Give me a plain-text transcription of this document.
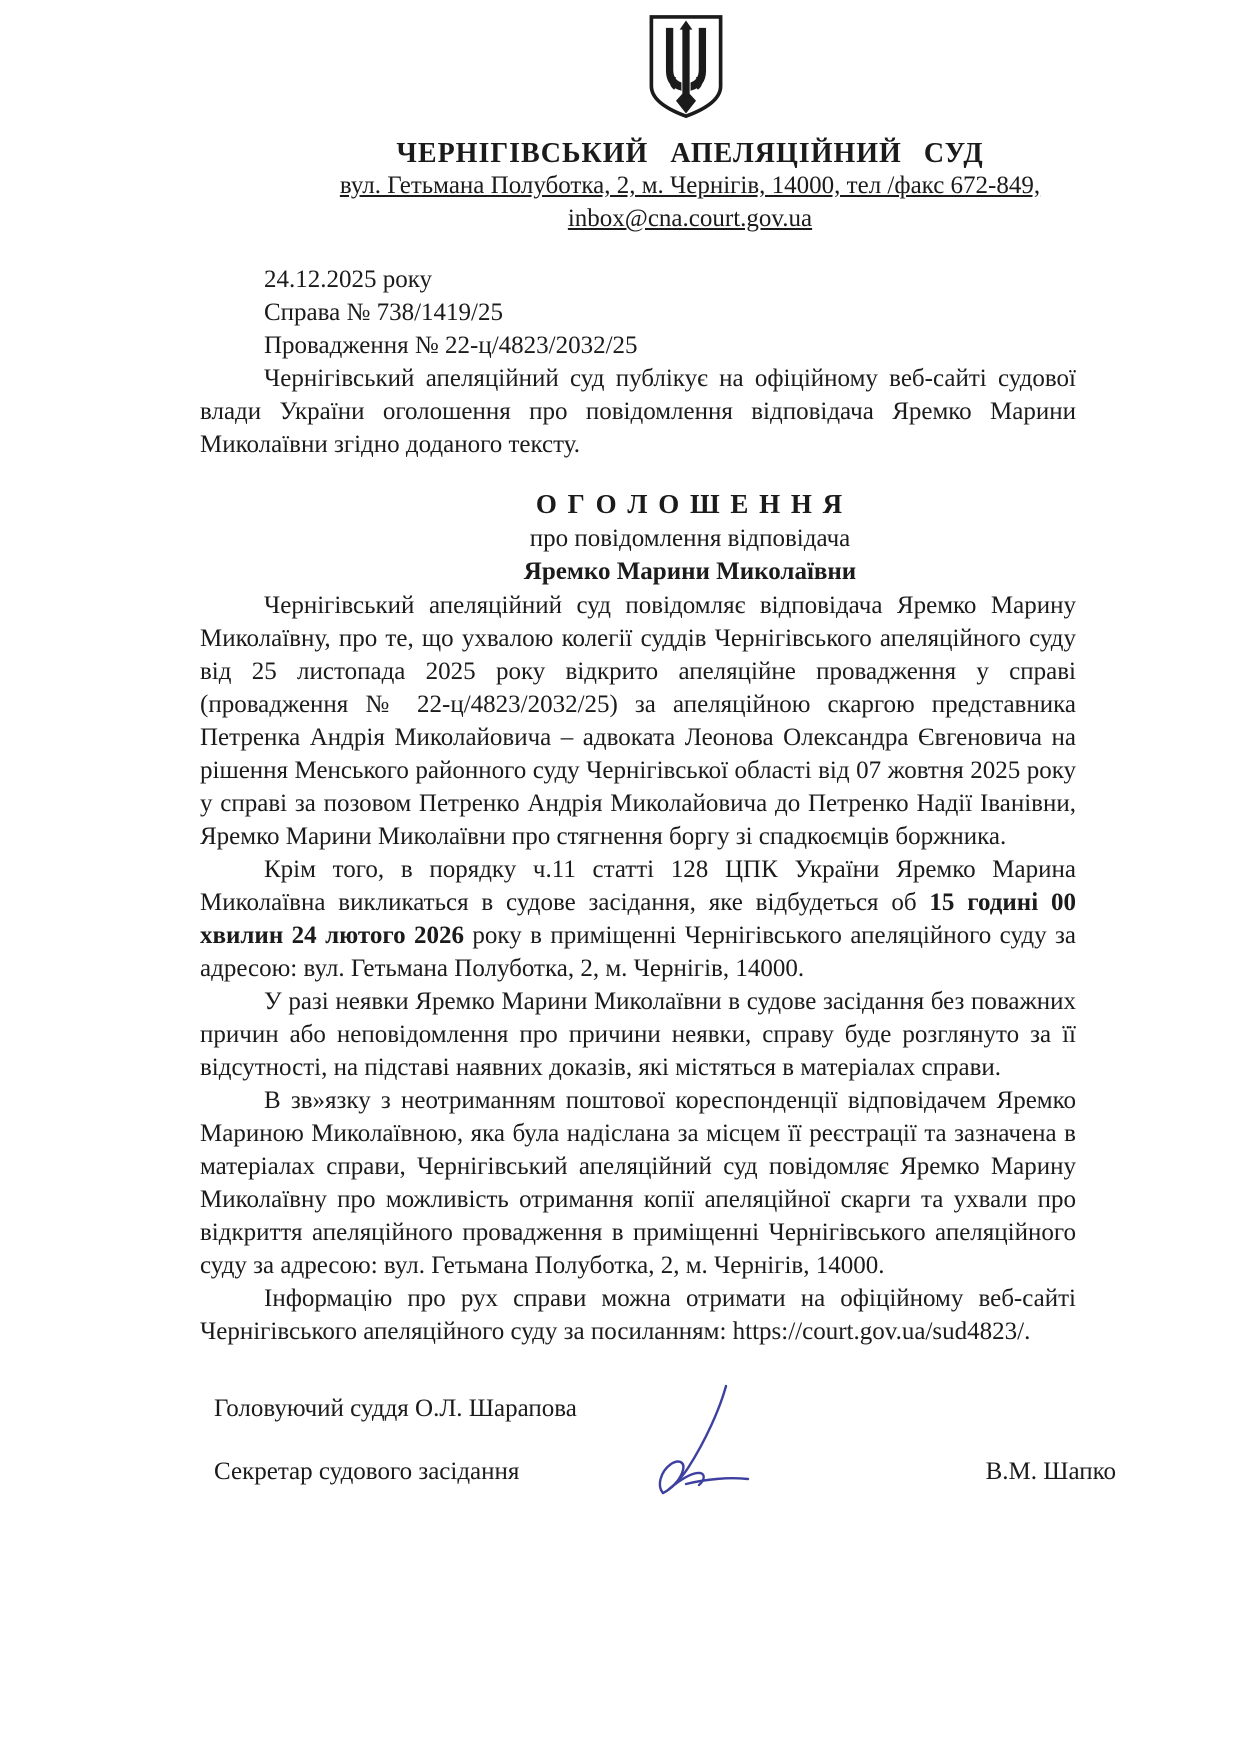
ЧЕРНІГІВСЬКИЙ АПЕЛЯЦІЙНИЙ СУД
вул. Гетьмана Полуботка, 2, м. Чернігів, 14000, тел /факс 672-849,
inbox@cna.court.gov.ua
24.12.2025 року
Справа № 738/1419/25
Провадження № 22-ц/4823/2032/25

Чернігівський апеляційний суд публікує на офіційному веб-сайті судової влади України оголошення про повідомлення відповідача Яремко Марини Миколаївни згідно доданого тексту.

О Г О Л О Ш Е Н Н Я
про повідомлення відповідача
Яремко Марини Миколаївни

Чернігівський апеляційний суд повідомляє відповідача Яремко Марину Миколаївну, про те, що ухвалою колегії суддів Чернігівського апеляційного суду від 25 листопада 2025 року відкрито апеляційне провадження у справі (провадження № 22-ц/4823/2032/25) за апеляційною скаргою представника Петренка Андрія Миколайовича – адвоката Леонова Олександра Євгеновича на рішення Менського районного суду Чернігівської області від 07 жовтня 2025 року у справі за позовом Петренко Андрія Миколайовича до Петренко Надії Іванівни, Яремко Марини Миколаївни про стягнення боргу зі спадкоємців боржника.

Крім того, в порядку ч.11 статті 128 ЦПК України Яремко Марина Миколаївна викликаться в судове засідання, яке відбудеться об 15 годині 00 хвилин 24 лютого 2026 року в приміщенні Чернігівського апеляційного суду за адресою: вул. Гетьмана Полуботка, 2, м. Чернігів, 14000.

У разі неявки Яремко Марини Миколаївни в судове засідання без поважних причин або неповідомлення про причини неявки, справу буде розглянуто за її відсутності, на підставі наявних доказів, які містяться в матеріалах справи.

В зв»язку з неотриманням поштової кореспонденції відповідачем Яремко Мариною Миколаївною, яка була надіслана за місцем її реєстрації та зазначена в матеріалах справи, Чернігівський апеляційний суд повідомляє Яремко Марину Миколаївну про можливість отримання копії апеляційної скарги та ухвали про відкриття апеляційного провадження в приміщенні Чернігівського апеляційного суду за адресою: вул. Гетьмана Полуботка, 2, м. Чернігів, 14000.

Інформацію про рух справи можна отримати на офіційному веб-сайті Чернігівського апеляційного суду за посиланням: https://court.gov.ua/sud4823/.

Головуючий суддя О.Л. Шарапова
Секретар судового засідання	В.М. Шапко
